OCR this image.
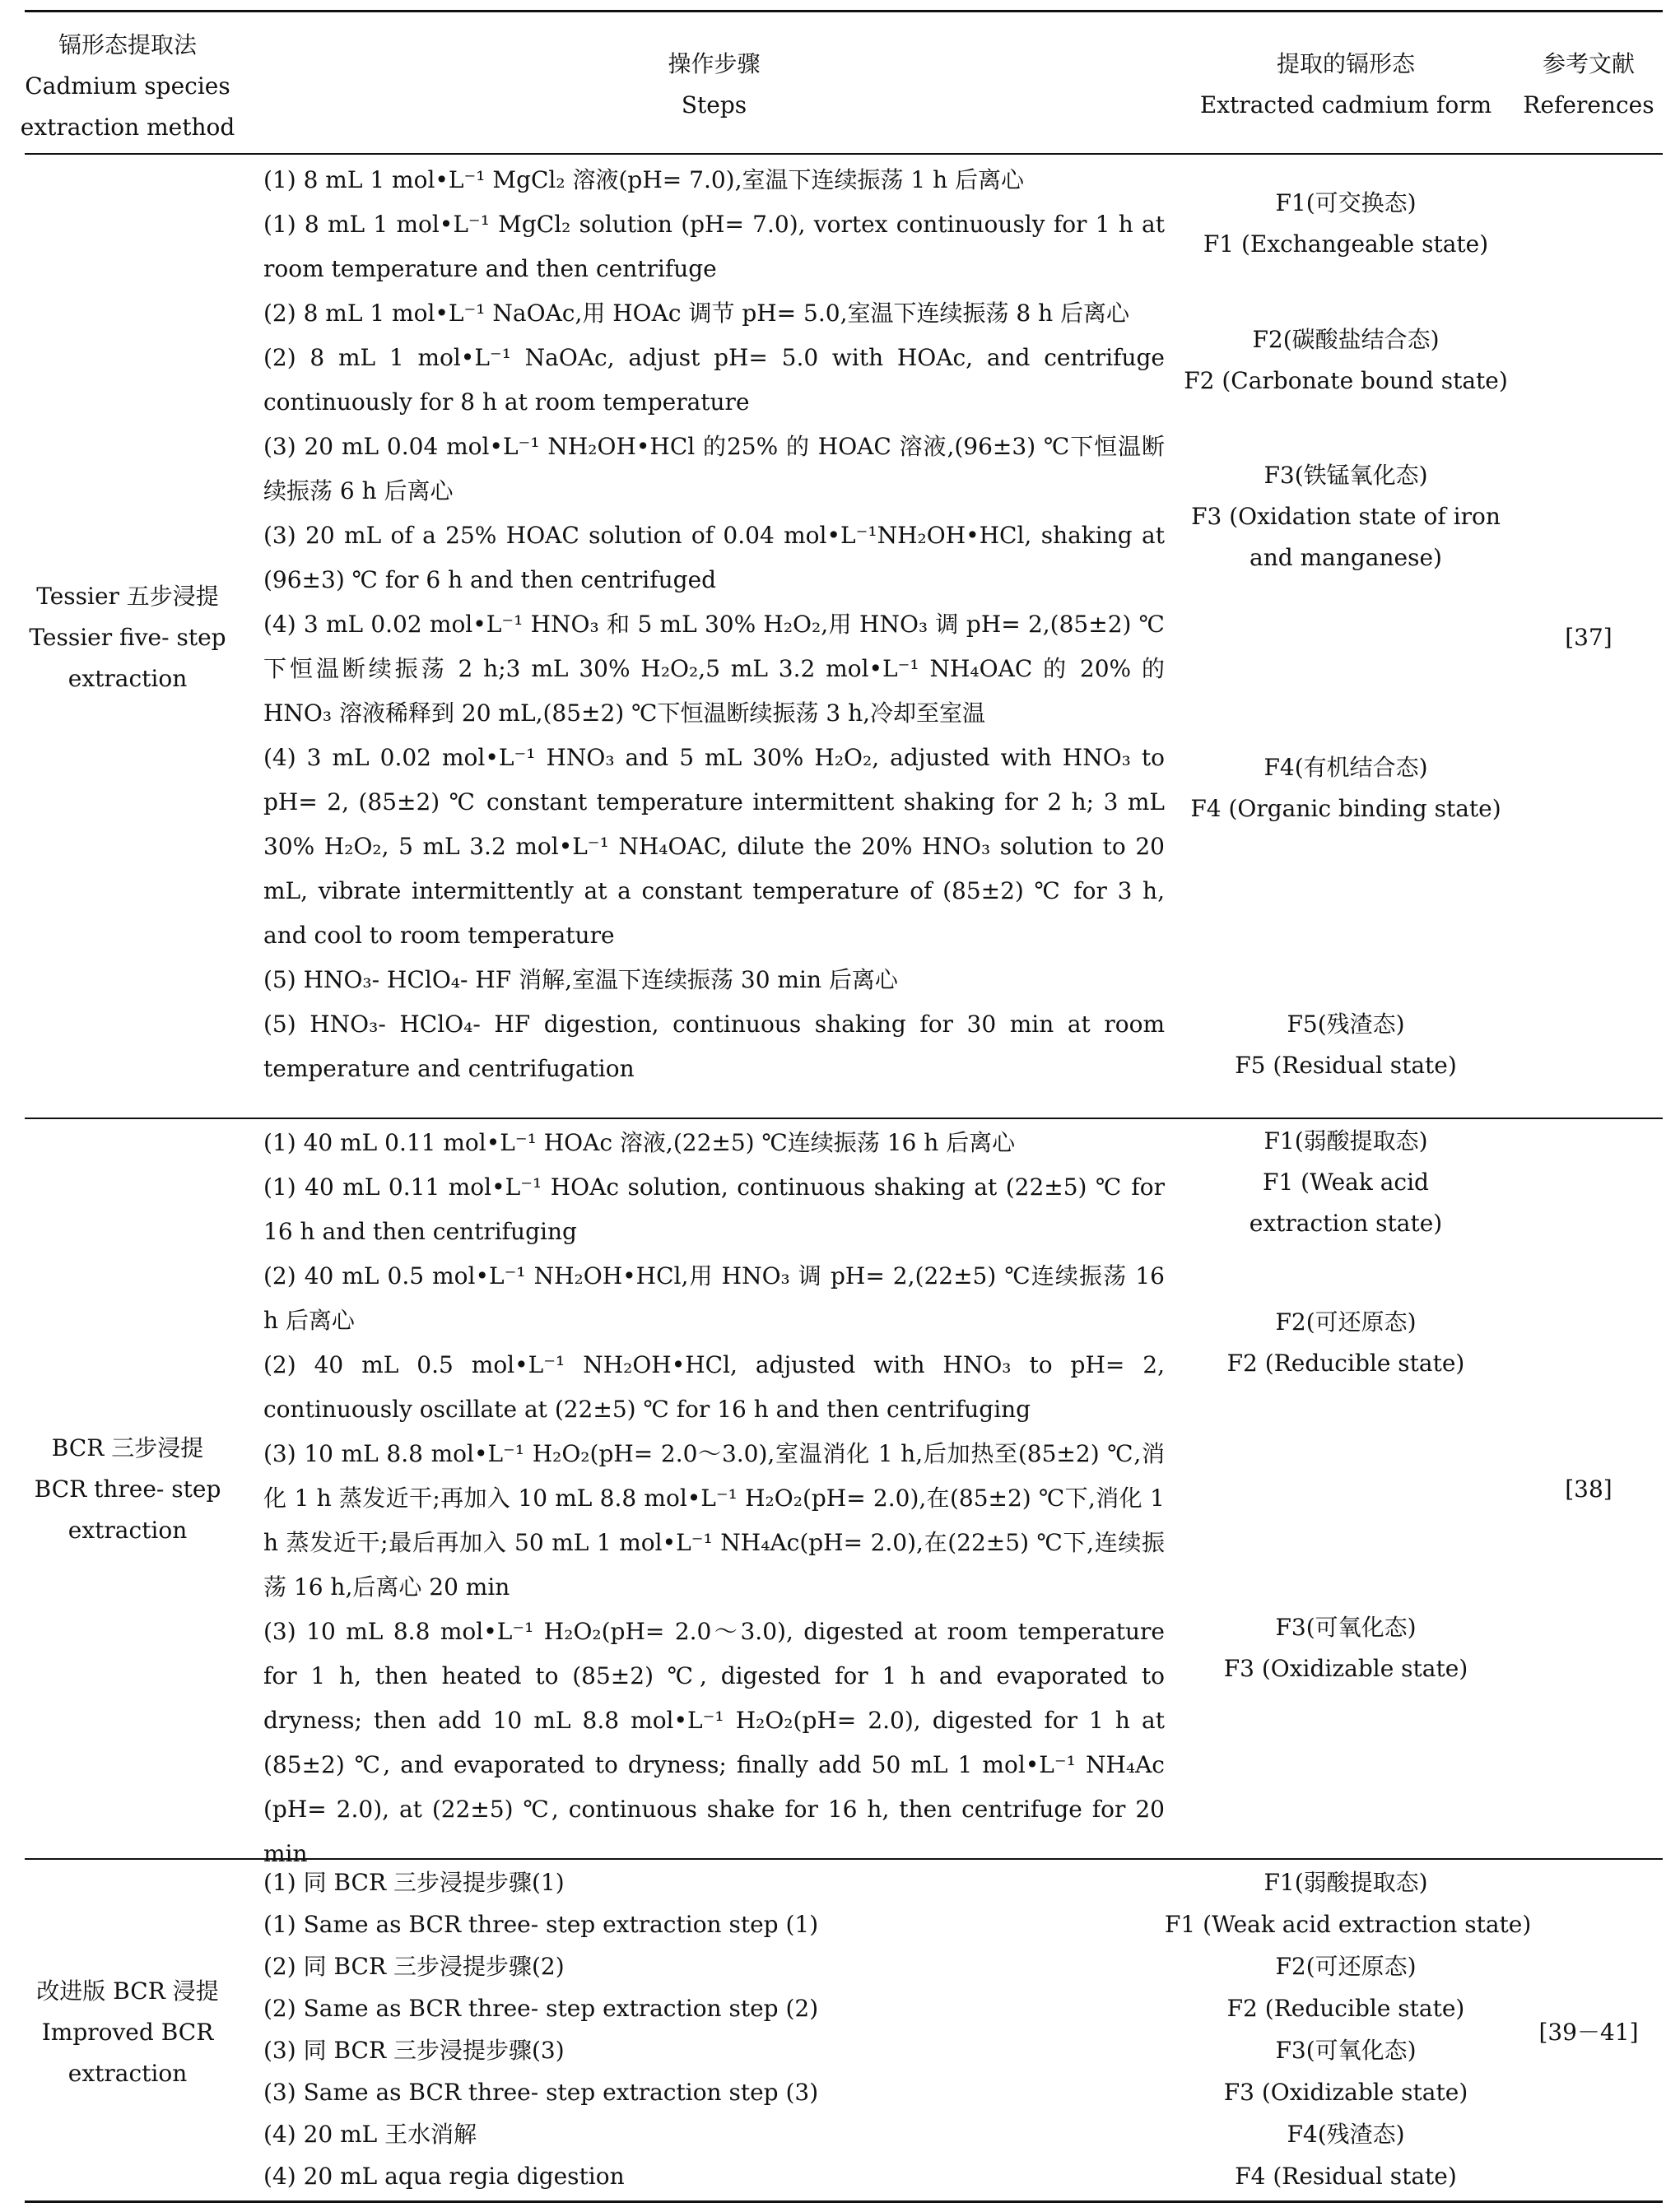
镉形态提取法
Cadmium species
extraction method
操作步骤
Steps
提取的镉形态
Extracted cadmium form
参考文献
References
Tessier 五步浸提
Tessier five- step
extraction
[37]
(1) 8 mL 1 mol•L⁻¹ MgCl₂ 溶液(pH= 7.0),室温下连续振荡 1 h 后离心
(1) 8 mL 1 mol•L⁻¹ MgCl₂ solution (pH= 7.0), vortex continuously for 1 h at room temperature and then centrifuge
(2) 8 mL 1 mol•L⁻¹ NaOAc,用 HOAc 调节 pH= 5.0,室温下连续振荡 8 h 后离心
(2) 8 mL 1 mol•L⁻¹ NaOAc, adjust pH= 5.0 with HOAc, and centrifuge continuously for 8 h at room temperature
(3) 20 mL 0.04 mol•L⁻¹ NH₂OH•HCl 的25% 的 HOAC 溶液,(96±3) ℃下恒温断续振荡 6 h 后离心
(3) 20 mL of a 25% HOAC solution of 0.04 mol•L⁻¹NH₂OH•HCl, shaking at (96±3) ℃ for 6 h and then centrifuged
(4) 3 mL 0.02 mol•L⁻¹ HNO₃ 和 5 mL 30% H₂O₂,用 HNO₃ 调 pH= 2,(85±2) ℃下恒温断续振荡 2 h;3 mL 30% H₂O₂,5 mL 3.2 mol•L⁻¹ NH₄OAC 的 20% 的 HNO₃ 溶液稀释到 20 mL,(85±2) ℃下恒温断续振荡 3 h,冷却至室温
(4) 3 mL 0.02 mol•L⁻¹ HNO₃ and 5 mL 30% H₂O₂, adjusted with HNO₃ to pH= 2, (85±2) ℃ constant temperature intermittent shaking for 2 h; 3 mL 30% H₂O₂, 5 mL 3.2 mol•L⁻¹ NH₄OAC, dilute the 20% HNO₃ solution to 20 mL, vibrate intermittently at a constant temperature of (85±2) ℃ for 3 h, and cool to room temperature
(5) HNO₃- HClO₄- HF 消解,室温下连续振荡 30 min 后离心
(5) HNO₃- HClO₄- HF digestion, continuous shaking for 30 min at room temperature and centrifugation
F1(可交换态)
F1 (Exchangeable state)
F2(碳酸盐结合态)
F2 (Carbonate bound state)
F3(铁锰氧化态)
F3 (Oxidation state of iron
and manganese)
F4(有机结合态)
F4 (Organic binding state)
F5(残渣态)
F5 (Residual state)
BCR 三步浸提
BCR three- step
extraction
[38]
(1) 40 mL 0.11 mol•L⁻¹ HOAc 溶液,(22±5) ℃连续振荡 16 h 后离心
(1) 40 mL 0.11 mol•L⁻¹ HOAc solution, continuous shaking at (22±5) ℃ for 16 h and then centrifuging
(2) 40 mL 0.5 mol•L⁻¹ NH₂OH•HCl,用 HNO₃ 调 pH= 2,(22±5) ℃连续振荡 16 h 后离心
(2) 40 mL 0.5 mol•L⁻¹ NH₂OH•HCl, adjusted with HNO₃ to pH= 2, continuously oscillate at (22±5) ℃ for 16 h and then centrifuging
(3) 10 mL 8.8 mol•L⁻¹ H₂O₂(pH= 2.0～3.0),室温消化 1 h,后加热至(85±2) ℃,消化 1 h 蒸发近干;再加入 10 mL 8.8 mol•L⁻¹ H₂O₂(pH= 2.0),在(85±2) ℃下,消化 1 h 蒸发近干;最后再加入 50 mL 1 mol•L⁻¹ NH₄Ac(pH= 2.0),在(22±5) ℃下,连续振荡 16 h,后离心 20 min
(3) 10 mL 8.8 mol•L⁻¹ H₂O₂(pH= 2.0～3.0), digested at room temperature for 1 h, then heated to (85±2) ℃, digested for 1 h and evaporated to dryness; then add 10 mL 8.8 mol•L⁻¹ H₂O₂(pH= 2.0), digested for 1 h at (85±2) ℃, and evaporated to dryness; finally add 50 mL 1 mol•L⁻¹ NH₄Ac (pH= 2.0), at (22±5) ℃, continuous shake for 16 h, then centrifuge for 20 min
F1(弱酸提取态)
F1 (Weak acid
extraction state)
F2(可还原态)
F2 (Reducible state)
F3(可氧化态)
F3 (Oxidizable state)
改进版 BCR 浸提
Improved BCR
extraction
[39－41]
(1) 同 BCR 三步浸提步骤(1)
(1) Same as BCR three- step extraction step (1)
(2) 同 BCR 三步浸提步骤(2)
(2) Same as BCR three- step extraction step (2)
(3) 同 BCR 三步浸提步骤(3)
(3) Same as BCR three- step extraction step (3)
(4) 20 mL 王水消解
(4) 20 mL aqua regia digestion
F1(弱酸提取态)
F1 (Weak acid extraction state)
F2(可还原态)
F2 (Reducible state)
F3(可氧化态)
F3 (Oxidizable state)
F4(残渣态)
F4 (Residual state)
